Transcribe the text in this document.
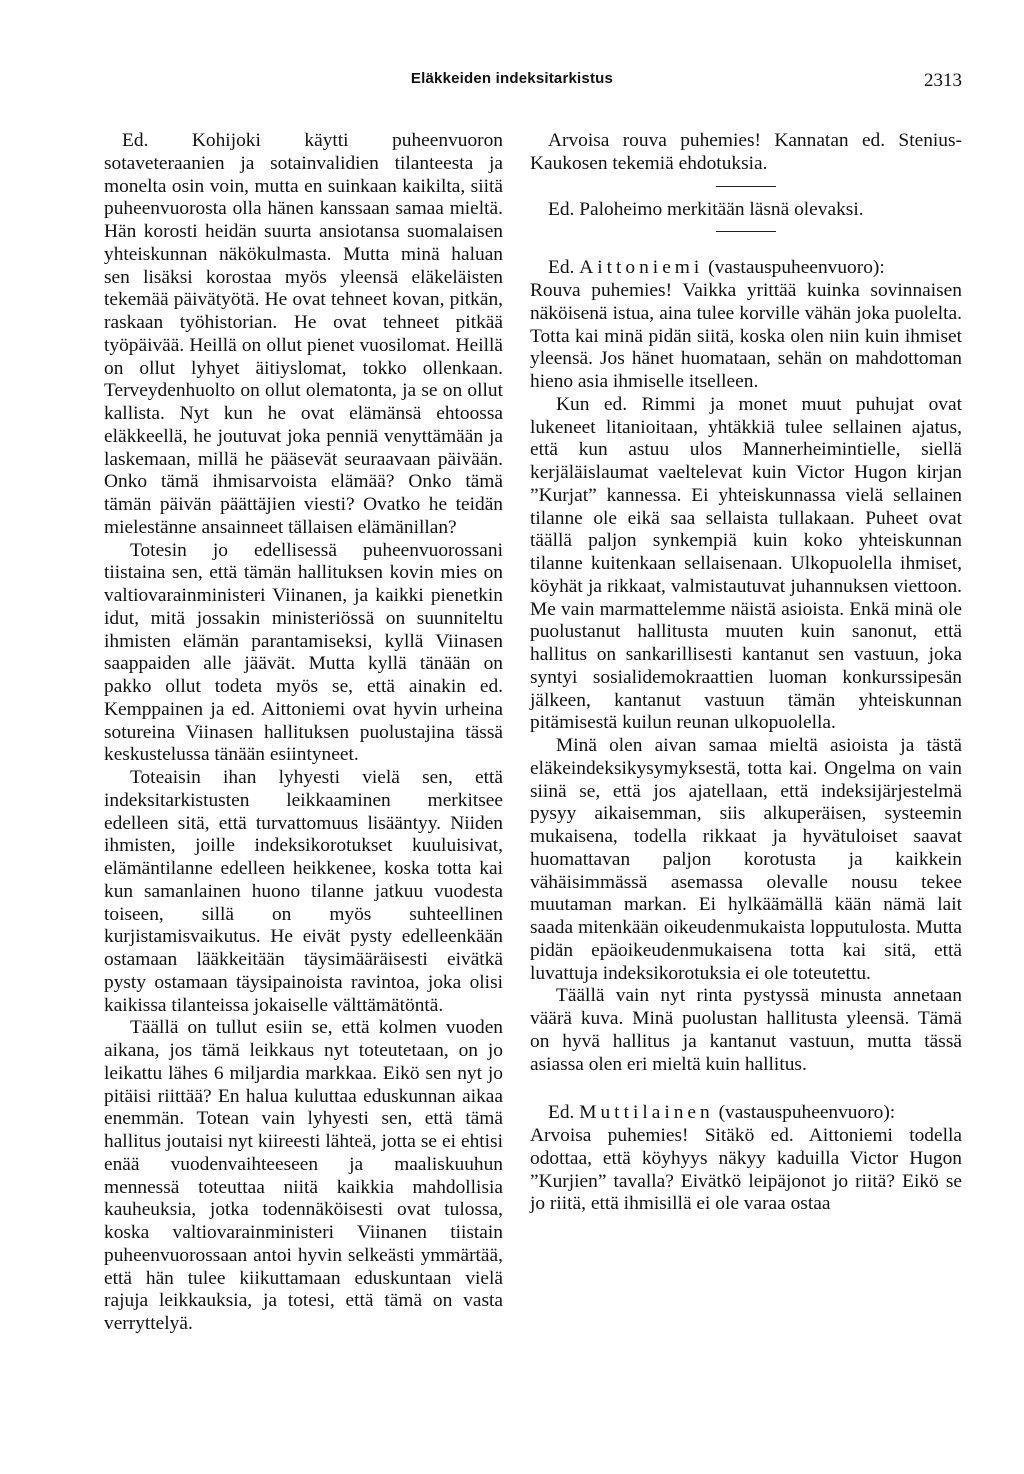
Eläkkeiden indeksitarkistus	2313

Ed. Kohijoki käytti puheenvuoron sotaveteraanien ja sotainvalidien tilanteesta ja monelta osin voin, mutta en suinkaan kaikilta, siitä puheenvuorosta olla hänen kanssaan samaa mieltä. Hän korosti heidän suurta ansiotansa suomalaisen yhteiskunnan näkökulmasta. Mutta minä haluan sen lisäksi korostaa myös yleensä eläkeläisten tekemää päivätyötä. He ovat tehneet kovan, pitkän, raskaan työhistorian. He ovat tehneet pitkää työpäivää. Heillä on ollut pienet vuosilomat. Heillä on ollut lyhyet äitiyslomat, tokko ollenkaan. Terveydenhuolto on ollut olematonta, ja se on ollut kallista. Nyt kun he ovat elämänsä ehtoossa eläkkeellä, he joutuvat joka penniä venyttämään ja laskemaan, millä he pääsevät seuraavaan päivään. Onko tämä ihmisarvoista elämää? Onko tämä tämän päivän päättäjien viesti? Ovatko he teidän mielestänne ansainneet tällaisen elämänillan?

Totesin jo edellisessä puheenvuorossani tiistaina sen, että tämän hallituksen kovin mies on valtiovarainministeri Viinanen, ja kaikki pienetkin idut, mitä jossakin ministeriössä on suunniteltu ihmisten elämän parantamiseksi, kyllä Viinasen saappaiden alle jäävät. Mutta kyllä tänään on pakko ollut todeta myös se, että ainakin ed. Kemppainen ja ed. Aittoniemi ovat hyvin urheina sotureina Viinasen hallituksen puolustajina tässä keskustelussa tänään esiintyneet.

Toteaisin ihan lyhyesti vielä sen, että indeksitarkistusten leikkaaminen merkitsee edelleen sitä, että turvattomuus lisääntyy. Niiden ihmisten, joille indeksikorotukset kuuluisivat, elämäntilanne edelleen heikkenee, koska totta kai kun samanlainen huono tilanne jatkuu vuodesta toiseen, sillä on myös suhteellinen kurjistamisvaikutus. He eivät pysty edelleenkään ostamaan lääkkeitään täysimääräisesti eivätkä pysty ostamaan täysipainoista ravintoa, joka olisi kaikissa tilanteissa jokaiselle välttämätöntä.

Täällä on tullut esiin se, että kolmen vuoden aikana, jos tämä leikkaus nyt toteutetaan, on jo leikattu lähes 6 miljardia markkaa. Eikö sen nyt jo pitäisi riittää? En halua kuluttaa eduskunnan aikaa enemmän. Totean vain lyhyesti sen, että tämä hallitus joutaisi nyt kiireesti lähteä, jotta se ei ehtisi enää vuodenvaihteeseen ja maaliskuuhun mennessä toteuttaa niitä kaikkia mahdollisia kauheuksia, jotka todennäköisesti ovat tulossa, koska valtiovarainministeri Viinanen tiistain puheenvuorossaan antoi hyvin selkeästi ymmärtää, että hän tulee kiikuttamaan eduskuntaan vielä rajuja leikkauksia, ja totesi, että tämä on vasta verryttelyä.

Arvoisa rouva puhemies! Kannatan ed. Stenius-Kaukosen tekemiä ehdotuksia.

Ed. Paloheimo merkitään läsnä olevaksi.

Ed. Aittoniemi (vastauspuheenvuoro):

Rouva puhemies! Vaikka yrittää kuinka sovinnaisen näköisenä istua, aina tulee korville vähän joka puolelta. Totta kai minä pidän siitä, koska olen niin kuin ihmiset yleensä. Jos hänet huomataan, sehän on mahdottoman hieno asia ihmiselle itselleen.

Kun ed. Rimmi ja monet muut puhujat ovat lukeneet litanioitaan, yhtäkkiä tulee sellainen ajatus, että kun astuu ulos Mannerheimintielle, siellä kerjäläislaumat vaeltelevat kuin Victor Hugon kirjan ”Kurjat” kannessa. Ei yhteiskunnassa vielä sellainen tilanne ole eikä saa sellaista tullakaan. Puheet ovat täällä paljon synkempiä kuin koko yhteiskunnan tilanne kuitenkaan sellaisenaan. Ulkopuolella ihmiset, köyhät ja rikkaat, valmistautuvat juhannuksen viettoon. Me vain marmattelemme näistä asioista. Enkä minä ole puolustanut hallitusta muuten kuin sanonut, että hallitus on sankarillisesti kantanut sen vastuun, joka syntyi sosialidemokraattien luoman konkurssipesän jälkeen, kantanut vastuun tämän yhteiskunnan pitämisestä kuilun reunan ulkopuolella.

Minä olen aivan samaa mieltä asioista ja tästä eläkeindeksikysymyksestä, totta kai. Ongelma on vain siinä se, että jos ajatellaan, että indeksijärjestelmä pysyy aikaisemman, siis alkuperäisen, systeemin mukaisena, todella rikkaat ja hyvätuloiset saavat huomattavan paljon korotusta ja kaikkein vähäisimmässä asemassa olevalle nousu tekee muutaman markan. Ei hylkäämällä kään nämä lait saada mitenkään oikeudenmukaista lopputulosta. Mutta pidän epäoikeudenmukaisena totta kai sitä, että luvattuja indeksikorotuksia ei ole toteutettu.

Täällä vain nyt rinta pystyssä minusta annetaan väärä kuva. Minä puolustan hallitusta yleensä. Tämä on hyvä hallitus ja kantanut vastuun, mutta tässä asiassa olen eri mieltä kuin hallitus.

Ed. Muttilainen (vastauspuheenvuoro):

Arvoisa puhemies! Sitäkö ed. Aittoniemi todella odottaa, että köyhyys näkyy kaduilla Victor Hugon ”Kurjien” tavalla? Eivätkö leipäjonot jo riitä? Eikö se jo riitä, että ihmisillä ei ole varaa ostaa
